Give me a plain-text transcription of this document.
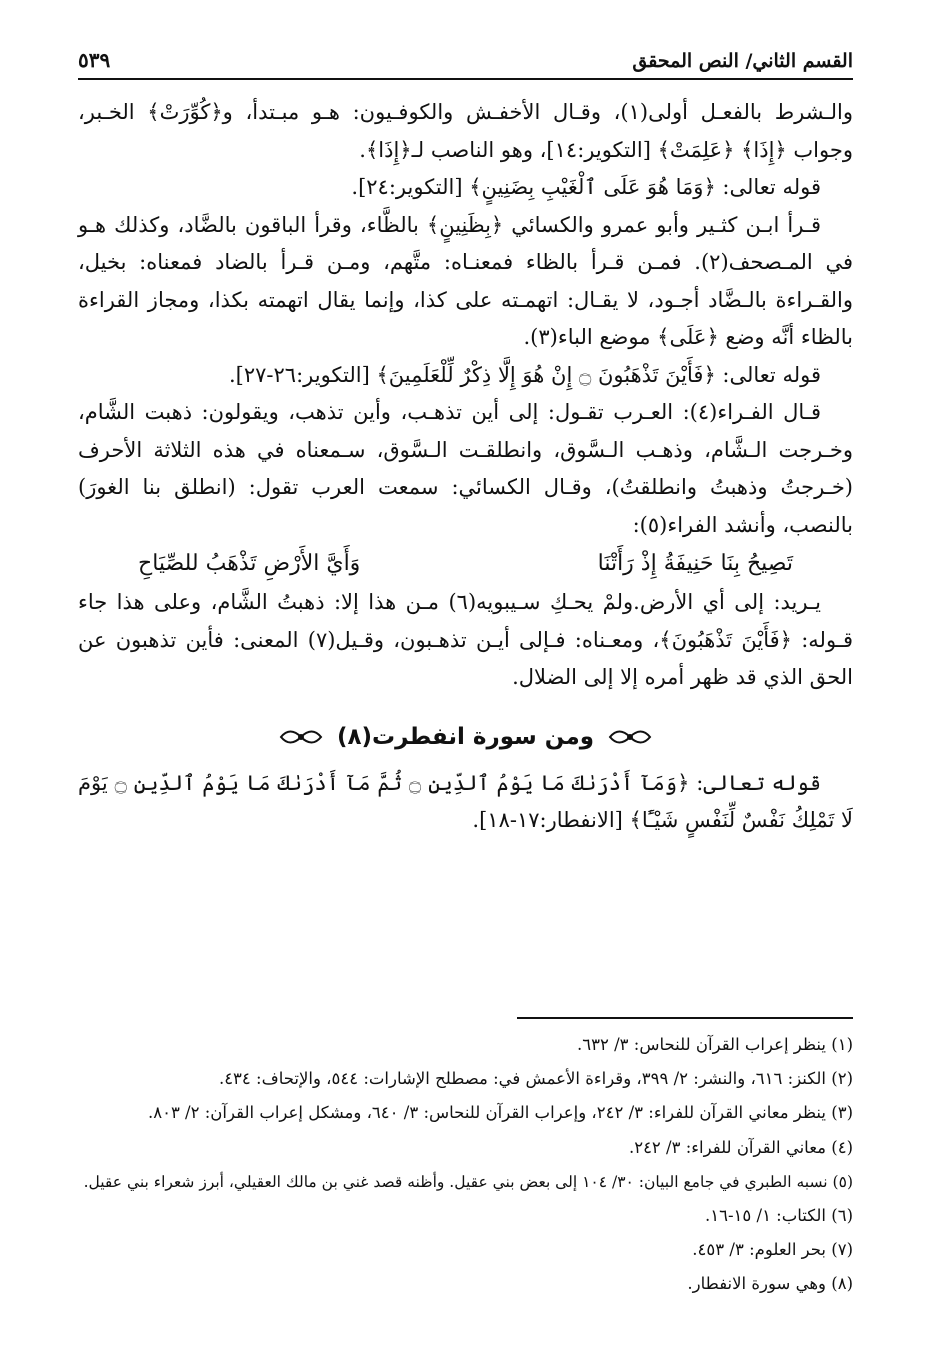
القسم الثاني/ النص المحقق
٥٣٩

والـشرط بالفعـل أولى(١)، وقـال الأخفـش والكوفـيون: هـو مبـتدأ، و﴿كُوِّرَتْ﴾ الخـبر، وجواب ﴿إِذَا﴾ ﴿عَلِمَتْ﴾ [التكوير:١٤]، وهو الناصب لـ﴿إِذَا﴾.

قوله تعالى: ﴿وَمَا هُوَ عَلَى ٱلْغَيْبِ بِضَنِينٍ﴾ [التكوير:٢٤].

قـرأ ابـن كثـير وأبو عمرو والكسائي ﴿بِظَنِينٍ﴾ بالظَّاء، وقرأ الباقون بالضَّاد، وكذلك هـو في المـصحف(٢). فمـن قـرأ بالظاء فمعنـاه: متَّهم، ومـن قـرأ بالضاد فمعناه: بخيل، والقـراءة بالـضَّاد أجـود، لا يقـال: اتهمـته على كذا، وإنما يقال اتهمته بكذا، ومجاز القراءة بالظاء أنَّه وضع ﴿عَلَى﴾ موضع الباء(٣).

قوله تعالى: ﴿فَأَيْنَ تَذْهَبُونَ ۝ إِنْ هُوَ إِلَّا ذِكْرٌ لِّلْعَلَمِينَ﴾ [التكوير:٢٦-٢٧].

قـال الفـراء(٤): العـرب تقـول: إلى أين تذهـب، وأين تذهب، ويقولون: ذهبت الشَّام، وخـرجت الـشَّام، وذهـب الـسَّوق، وانطلقـت الـسَّوق، سـمعناه في هذه الثلاثة الأحرف (خـرجتُ وذهبتُ وانطلقتُ)، وقـال الكسائي: سمعت العرب تقول: (انطلق بنا الغورَ) بالنصب، وأنشد الفراء(٥):

تَصِيحُ بِنَا حَنِيفَةُ إِذْ رَأَتْنَا
وَأَيَّ الأَرْضِ تَذْهَبُ للصِّيَاحِ

يـريد: إلى أي الأرض.ولمْ يحـكِ سـيبويه(٦) مـن هذا إلا: ذهبتُ الشَّام، وعلى هذا جاء قـوله: ﴿فَأَيْنَ تَذْهَبُونَ﴾، ومعـناه: فـإلى أيـن تذهـبون، وقـيل(٧) المعنى: فأين تذهبون عن الحق الذي قد ظهر أمره إلا إلى الضلال.

ومن سورة انفطرت(٨)

قوله تعالى: ﴿وَمَآ أَدْرَىٰكَ مَا يَوْمُ ٱلدِّينِ ۝ ثُمَّ مَآ أَدْرَىٰكَ مَا يَوْمُ ٱلدِّينِ ۝ يَوْمَ لَا تَمْلِكُ نَفْسٌ لِّنَفْسٍ شَيْـًٔا﴾ [الانفطار:١٧-١٨].

(١) ينظر إعراب القرآن للنحاس: ٣/ ٦٣٢.

(٢) الكنز: ٦١٦، والنشر: ٢/ ٣٩٩، وقراءة الأعمش في: مصطلح الإشارات: ٥٤٤، والإتحاف: ٤٣٤.

(٣) ينظر معاني القرآن للفراء: ٣/ ٢٤٢، وإعراب القرآن للنحاس: ٣/ ٦٤٠، ومشكل إعراب القرآن: ٢/ ٨٠٣.

(٤) معاني القرآن للفراء: ٣/ ٢٤٢.

(٥) نسبه الطبري في جامع البيان: ٣٠/ ١٠٤ إلى بعض بني عقيل. وأظنه قصد غني بن مالك العقيلي، أبرز شعراء بني عقيل.

(٦) الكتاب: ١/ ١٥-١٦.

(٧) بحر العلوم: ٣/ ٤٥٣.

(٨) وهي سورة الانفطار.
